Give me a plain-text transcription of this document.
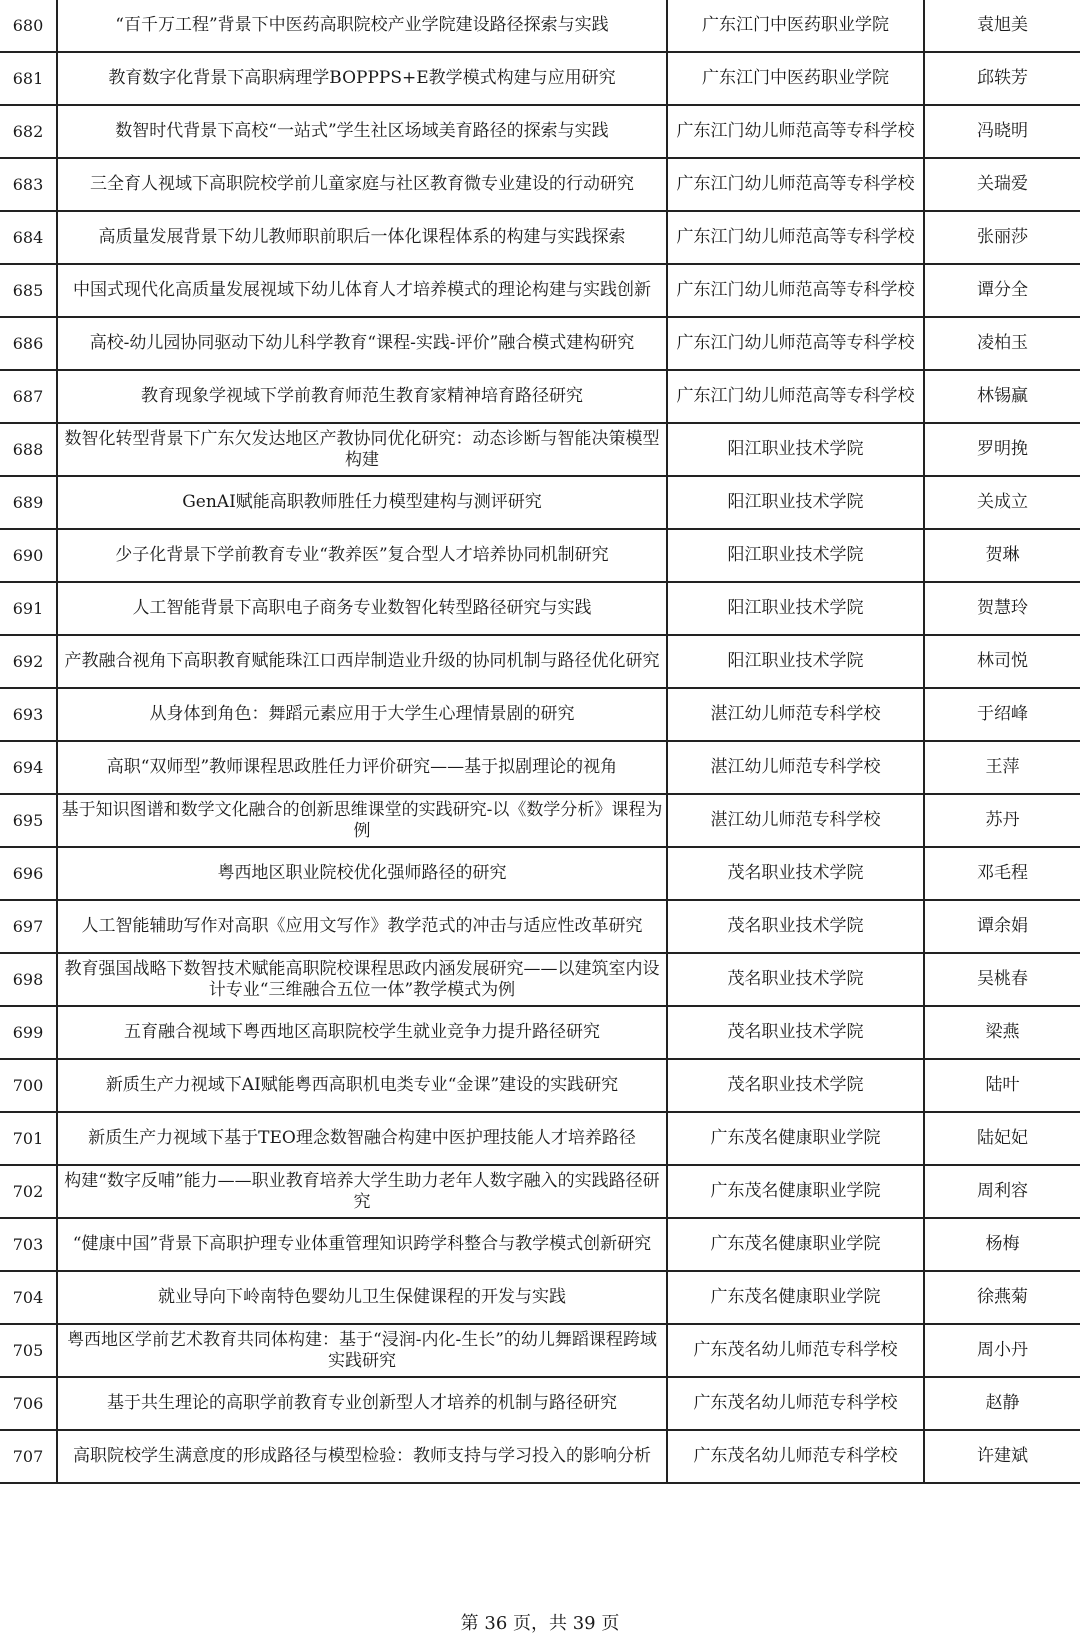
680	“百千万工程”背景下中医药高职院校产业学院建设路径探索与实践	广东江门中医药职业学院	袁旭美
681	教育数字化背景下高职病理学BOPPPS+E教学模式构建与应用研究	广东江门中医药职业学院	邱轶芳
682	数智时代背景下高校“一站式”学生社区场域美育路径的探索与实践	广东江门幼儿师范高等专科学校	冯晓明
683	三全育人视域下高职院校学前儿童家庭与社区教育微专业建设的行动研究	广东江门幼儿师范高等专科学校	关瑞爱
684	高质量发展背景下幼儿教师职前职后一体化课程体系的构建与实践探索	广东江门幼儿师范高等专科学校	张丽莎
685	中国式现代化高质量发展视域下幼儿体育人才培养模式的理论构建与实践创新	广东江门幼儿师范高等专科学校	谭分全
686	高校-幼儿园协同驱动下幼儿科学教育“课程-实践-评价”融合模式建构研究	广东江门幼儿师范高等专科学校	凌柏玉
687	教育现象学视域下学前教育师范生教育家精神培育路径研究	广东江门幼儿师范高等专科学校	林锡赢
688	数智化转型背景下广东欠发达地区产教协同优化研究：动态诊断与智能决策模型构建	阳江职业技术学院	罗明挽
689	GenAI赋能高职教师胜任力模型建构与测评研究	阳江职业技术学院	关成立
690	少子化背景下学前教育专业“教养医”复合型人才培养协同机制研究	阳江职业技术学院	贺琳
691	人工智能背景下高职电子商务专业数智化转型路径研究与实践	阳江职业技术学院	贺慧玲
692	产教融合视角下高职教育赋能珠江口西岸制造业升级的协同机制与路径优化研究	阳江职业技术学院	林司悦
693	从身体到角色：舞蹈元素应用于大学生心理情景剧的研究	湛江幼儿师范专科学校	于绍峰
694	高职“双师型”教师课程思政胜任力评价研究——基于拟剧理论的视角	湛江幼儿师范专科学校	王萍
695	基于知识图谱和数学文化融合的创新思维课堂的实践研究-以《数学分析》课程为例	湛江幼儿师范专科学校	苏丹
696	粤西地区职业院校优化强师路径的研究	茂名职业技术学院	邓毛程
697	人工智能辅助写作对高职《应用文写作》教学范式的冲击与适应性改革研究	茂名职业技术学院	谭余娟
698	教育强国战略下数智技术赋能高职院校课程思政内涵发展研究——以建筑室内设计专业“三维融合五位一体”教学模式为例	茂名职业技术学院	吴桃春
699	五育融合视域下粤西地区高职院校学生就业竞争力提升路径研究	茂名职业技术学院	梁燕
700	新质生产力视域下AI赋能粤西高职机电类专业“金课”建设的实践研究	茂名职业技术学院	陆叶
701	新质生产力视域下基于TEO理念数智融合构建中医护理技能人才培养路径	广东茂名健康职业学院	陆妃妃
702	构建“数字反哺”能力——职业教育培养大学生助力老年人数字融入的实践路径研究	广东茂名健康职业学院	周利容
703	“健康中国”背景下高职护理专业体重管理知识跨学科整合与教学模式创新研究	广东茂名健康职业学院	杨梅
704	就业导向下岭南特色婴幼儿卫生保健课程的开发与实践	广东茂名健康职业学院	徐燕菊
705	粤西地区学前艺术教育共同体构建：基于“浸润-内化-生长”的幼儿舞蹈课程跨域实践研究	广东茂名幼儿师范专科学校	周小丹
706	基于共生理论的高职学前教育专业创新型人才培养的机制与路径研究	广东茂名幼儿师范专科学校	赵静
707	高职院校学生满意度的形成路径与模型检验：教师支持与学习投入的影响分析	广东茂名幼儿师范专科学校	许建斌
第 36 页，共 39 页
